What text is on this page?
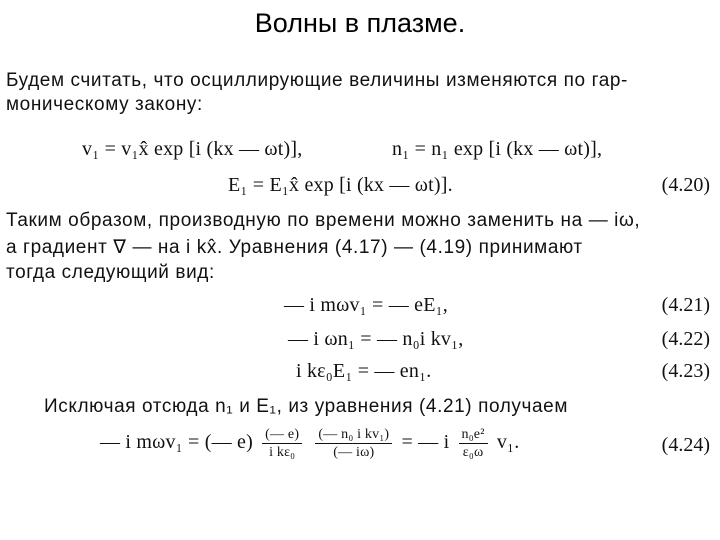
Волны в плазме.
Будем считать, что осциллирующие величины изменяются по гар-
моническому закону:
v₁ = v₁x̂ exp [i (kx — ωt)],	n₁ = n₁ exp [i (kx — ωt)],
E₁ = E₁x̂ exp [i (kx — ωt)].	(4.20)
Таким образом, производную по времени можно заменить на — iω,
а градиент ∇ — на i kx̂. Уравнения (4.17) — (4.19) принимают
тогда следующий вид:
— i mωv₁ = — eE₁,	(4.21)
— i ωn₁ = — n₀i kv₁,	(4.22)
i kε₀E₁ = — en₁.	(4.23)
Исключая отсюда n₁ и E₁, из уравнения (4.21) получаем
— i mωv₁ = (— $e) \frac{(— e)}{\text{i kε₀}}$
$\frac{\text{(— n₀ i kv₁)}}{(— i\omega)}$ = — i $\frac{\text{n₀e²}}{\text{ε₀ω}} v_1$.	(4.24)
